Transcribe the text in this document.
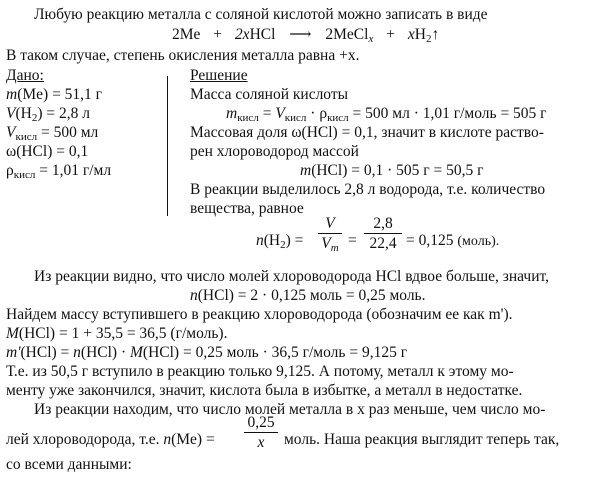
Любую реакцию металла с соляной кислотой можно записать в виде
2Me + 2xHCl ⟶ 2MeCl$_x$ + $xH_2↑$
В таком случае, степень окисления металла равна +x.
Дано:
m(Me) = 51,1 г
$V(H_2) = 2,8$ л
$V_{кисл} = 500$ мл
ω(HCl) = 0,1
$\rho_{кисл} = 1,01$ г/мл
Решение
Масса соляной кислоты
$m_{кисл} = V_{кисл} \cdot \rho_{кисл} = 500$ мл · 1,01 г/моль = 505 г
Массовая доля ω(HCl) = 0,1, значит в кислоте раство-
рен хлороводород массой
m(HCl) = 0,1 · 505 г = 50,5 г
В реакции выделилось 2,8 л водорода, т.е. количество
вещества, равное
$n(H_2)$ =
V
$V_m$ =
2,8
22,4 = 0,125 (моль).
Из реакции видно, что число молей хлороводорода HCl вдвое больше, значит,
n(HCl) = 2 · 0,125 моль = 0,25 моль.
Найдем массу вступившего в реакцию хлороводорода (обозначим ее как m').
M(HCl) = 1 + 35,5 = 36,5 (г/моль).
m'(HCl) = n(HCl) · M(HCl) = 0,25 моль · 36,5 г/моль = 9,125 г
Т.е. из 50,5 г вступило в реакцию только 9,125. А потому, металл к этому мо-
менту уже закончился, значит, кислота была в избытке, а металл в недостатке.
Из реакции находим, что число молей металла в x раз меньше, чем число мо-
лей хлороводорода, т.е. n(Me) =
0,25
x	моль. Наша реакция выглядит теперь так,
со всеми данными:
